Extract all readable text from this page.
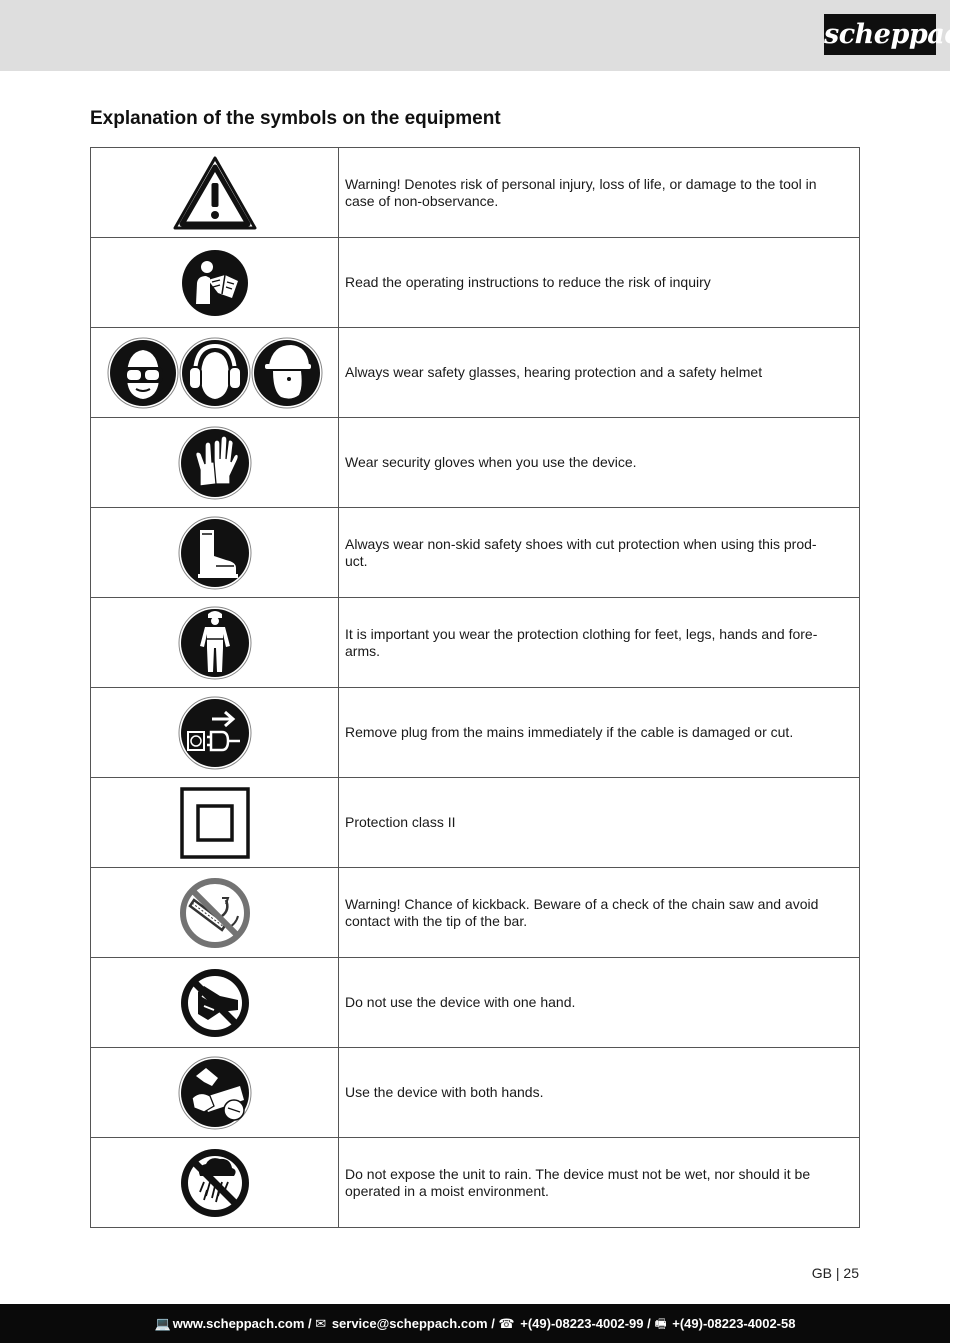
scheppach
Explanation of the symbols on the equipment
	Warning! Denotes risk of personal injury, loss of life, or damage to the tool in case of non-observance.
	Read the operating instructions to reduce the risk of inquiry
	Always wear safety glasses, hearing protection and a safety helmet
	Wear security gloves when you use the device.
	Always wear non-skid safety shoes with cut protection when using this prod-uct.
	It is important you wear the protection clothing for feet, legs, hands and fore-arms.
	Remove plug from the mains immediately if the cable is damaged or cut.
	Protection class II
	Warning! Chance of kickback. Beware of a check of the chain saw and avoid contact with the tip of the bar.
	Do not use the device with one hand.
	Use the device with both hands.
	Do not expose the unit to rain. The device must not be wet, nor should it be operated in a moist environment.
GB | 25
💻 www.scheppach.com / ✉ service@scheppach.com / ☎ +(49)-08223-4002-99 / 🖷 +(49)-08223-4002-58
